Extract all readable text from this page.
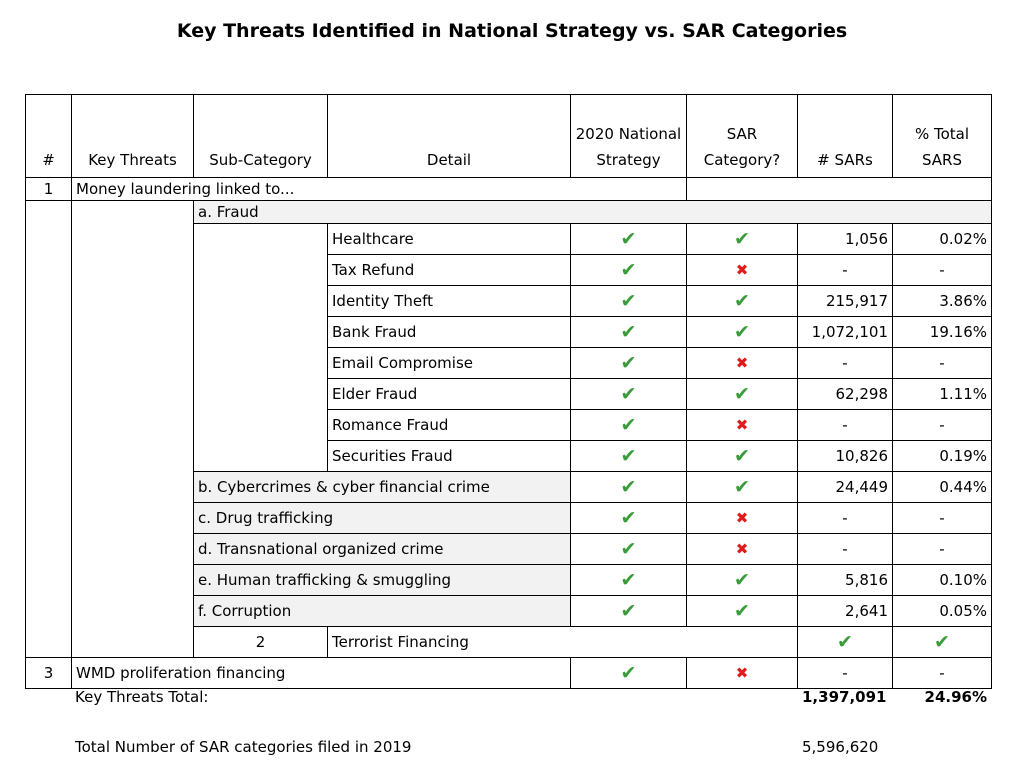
Key Threats Identified in National Strategy vs. SAR Categories
#	Key Threats	Sub-Category	Detail	2020 National Strategy	SAR Category?	# SARs	% Total SARS	
1	Money laundering linked to...							
		a. Fraud						
			Healthcare	✔	✔	1,056	0.02%	
			Tax Refund	✔	✖	-	-	
			Identity Theft	✔	✔	215,917	3.86%	
			Bank Fraud	✔	✔	1,072,101	19.16%	
			Email Compromise	✔	✖	-	-	
			Elder Fraud	✔	✔	62,298	1.11%	
			Romance Fraud	✔	✖	-	-	
			Securities Fraud	✔	✔	10,826	0.19%	
		b. Cybercrimes & cyber financial crime		✔	✔	24,449	0.44%	
		c. Drug trafficking		✔	✖	-	-	
		d. Transnational organized crime		✔	✖	-	-	
		e. Human trafficking & smuggling		✔	✔	5,816	0.10%	
		f. Corruption		✔	✔	2,641	0.05%	
		2	Terrorist Financing			✔	✔		
3	WMD proliferation financing			✔	✖	-	-	
Key Threats Total:	1,397,091	24.96%
Total Number of SAR categories filed in 2019	5,596,620
